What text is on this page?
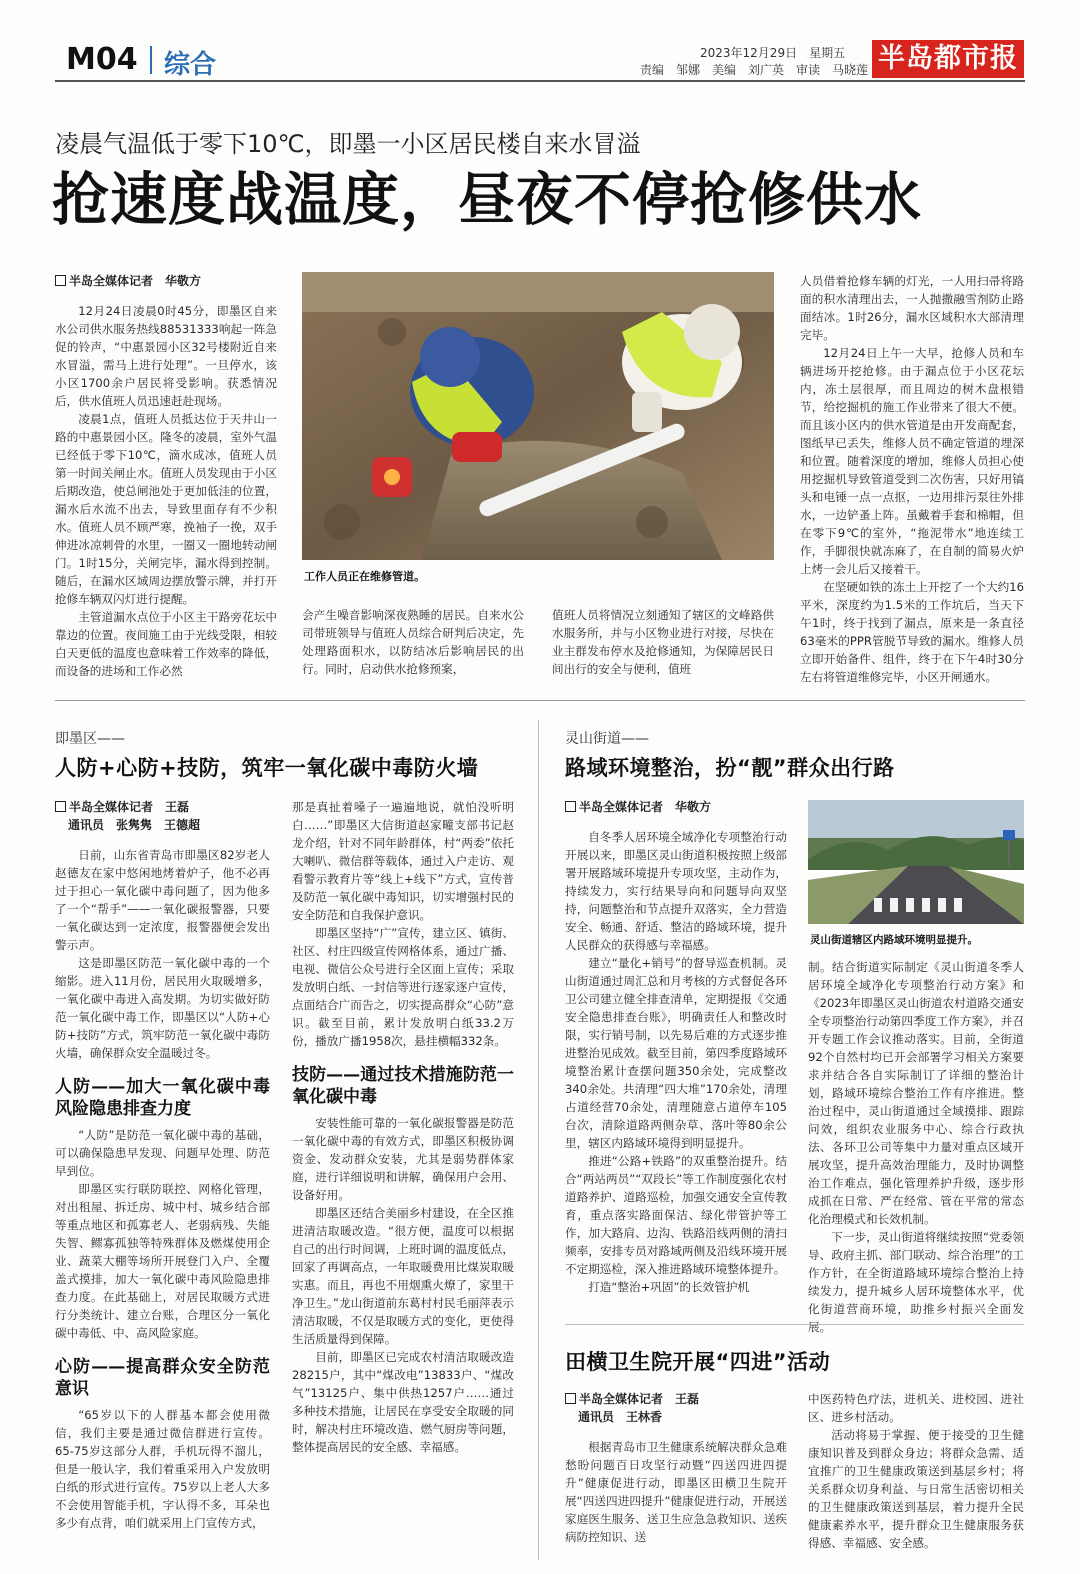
M04 综合	2023年12月29日　星期五
责编　邹娜　美编　刘广英　审读　马晓莲 半岛都市报
凌晨气温低于零下10℃，即墨一小区居民楼自来水冒溢
抢速度战温度，昼夜不停抢修供水
半岛全媒体记者　华敬方

12月24日凌晨0时45分，即墨区自来水公司供水服务热线88531333响起一阵急促的铃声，“中惠景园小区32号楼附近自来水冒溢，需马上进行处理”。一旦停水，该小区1700余户居民将受影响。获悉情况后，供水值班人员迅速赶赴现场。

凌晨1点，值班人员抵达位于天井山一路的中惠景园小区。隆冬的凌晨，室外气温已经低于零下10℃，滴水成冰，值班人员第一时间关闸止水。值班人员发现由于小区后期改造，使总闸池处于更加低洼的位置，漏水后水流不出去，导致里面存有不少积水。值班人员不顾严寒，挽袖子一挽，双手伸进冰凉刺骨的水里，一圈又一圈地转动闸门。1时15分，关闸完毕，漏水得到控制。随后，在漏水区域周边摆放警示牌，并打开抢修车辆双闪灯进行提醒。

主管道漏水点位于小区主干路旁花坛中靠边的位置。夜间施工由于光线受限，相较白天更低的温度也意味着工作效率的降低，而设备的进场和工作必然

工作人员正在维修管道。

会产生噪音影响深夜熟睡的居民。自来水公司带班领导与值班人员综合研判后决定，先处理路面积水，以防结冰后影响居民的出行。同时，启动供水抢修预案，

值班人员将情况立刻通知了辖区的文峰路供水服务所，并与小区物业进行对接，尽快在业主群发布停水及抢修通知，为保障居民日间出行的安全与便利，值班

人员借着抢修车辆的灯光，一人用扫帚将路面的积水清理出去，一人抛撒融雪剂防止路面结冰。1时26分，漏水区域积水大部清理完毕。

12月24日上午一大早，抢修人员和车辆进场开挖抢修。由于漏点位于小区花坛内，冻土层很厚，而且周边的树木盘根错节，给挖掘机的施工作业带来了很大不便。而且该小区内的供水管道是由开发商配套，图纸早已丢失，维修人员不确定管道的埋深和位置。随着深度的增加，维修人员担心使用挖掘机导致管道受到二次伤害，只好用镐头和电锤一点一点抠，一边用排污泵往外排水，一边铲蚤上阵。虽戴着手套和棉帽，但在零下9℃的室外，“拖泥带水”地连续工作，手脚很快就冻麻了，在自制的简易火炉上烤一会儿后又接着干。

在坚硬如铁的冻土上开挖了一个大约16平米，深度约为1.5米的工作坑后，当天下午1时，终于找到了漏点，原来是一条直径63毫米的PPR管脱节导致的漏水。维修人员立即开始备件、组件，终于在下午4时30分左右将管道维修完毕，小区开闸通水。

即墨区——
人防+心防+技防，筑牢一氧化碳中毒防火墙
半岛全媒体记者　王磊
通讯员　张隽隽　王德超

日前，山东省青岛市即墨区82岁老人赵德友在家中悠闲地烤着炉子，他不必再过于担心一氧化碳中毒问题了，因为他多了一个“帮手”——一氧化碳报警器，只要一氧化碳达到一定浓度，报警器便会发出警示声。

这是即墨区防范一氧化碳中毒的一个缩影。进入11月份，居民用火取暖增多，一氧化碳中毒进入高发期。为切实做好防范一氧化碳中毒工作，即墨区以“人防+心防+技防”方式，筑牢防范一氧化碳中毒防火墙，确保群众安全温暖过冬。

人防——加大一氧化碳中毒风险隐患排查力度

“人防”是防范一氧化碳中毒的基础，可以确保隐患早发现、问题早处理、防范早到位。

即墨区实行联防联控、网格化管理，对出租屋、拆迁房、城中村、城乡结合部等重点地区和孤寡老人、老弱病残、失能失智、鳏寡孤独等特殊群体及燃煤使用企业、蔬菜大棚等场所开展登门入户、全覆盖式摸排，加大一氧化碳中毒风险隐患排查力度。在此基础上，对居民取暖方式进行分类统计、建立台账，合理区分一氧化碳中毒低、中、高风险家庭。

心防——提高群众安全防范意识

“65岁以下的人群基本都会使用微信，我们主要是通过微信群进行宣传。65-75岁这部分人群，手机玩得不溜儿，但是一般认字，我们着重采用入户发放明白纸的形式进行宣传。75岁以上老人大多不会使用智能手机，字认得不多，耳朵也多少有点背，咱们就采用上门宣传方式，

那是真扯着嗓子一遍遍地说，就怕没听明白……”即墨区大信街道赵家疃支部书记赵龙介绍，针对不同年龄群体，村“两委”依托大喇叭、微信群等载体，通过入户走访、观看警示教育片等“线上+线下”方式，宣传普及防范一氧化碳中毒知识，切实增强村民的安全防范和自我保护意识。

即墨区坚持“广”宣传，建立区、镇街、社区、村庄四级宣传网格体系，通过广播、电视、微信公众号进行全区面上宣传；采取发放明白纸、一封信等进行逐家逐户宣传，点面结合广而告之，切实提高群众“心防”意识。截至目前，累计发放明白纸33.2万份，播放广播1958次，悬挂横幅332条。

技防——通过技术措施防范一氧化碳中毒

安装性能可靠的一氧化碳报警器是防范一氧化碳中毒的有效方式，即墨区积极协调资金、发动群众安装，尤其是弱势群体家庭，进行详细说明和讲解，确保用户会用、设备好用。

即墨区还结合美丽乡村建设，在全区推进清洁取暖改造。“很方便，温度可以根据自己的出行时间调，上班时调的温度低点，回家了再调高点，一年取暖费用比煤炭取暖实惠。而且，再也不用烟熏火燎了，家里干净卫生。”龙山街道前东葛村村民毛丽萍表示清洁取暖，不仅是取暖方式的变化，更使得生活质量得到保障。

目前，即墨区已完成农村清洁取暖改造28215户，其中“煤改电”13833户、“煤改气”13125户、集中供热1257户……通过多种技术措施，让居民在享受安全取暖的同时，解决村庄环境改造、燃气厨房等问题，整体提高居民的安全感、幸福感。

灵山街道——
路域环境整治，扮“靓”群众出行路
半岛全媒体记者　华敬方

自冬季人居环境全域净化专项整治行动开展以来，即墨区灵山街道积极按照上级部署开展路域环境提升专项攻坚，主动作为，持续发力，实行结果导向和问题导向双坚持，问题整治和节点提升双落实，全力营造安全、畅通、舒适、整洁的路域环境，提升人民群众的获得感与幸福感。

建立“量化+销号”的督导巡查机制。灵山街道通过周汇总和月考核的方式督促各环卫公司建立健全排查清单，定期提报《交通安全隐患排查台账》，明确责任人和整改时限，实行销号制，以先易后难的方式逐步推进整治见成效。截至目前，第四季度路域环境整治累计查摆问题350余处，完成整改340余处。共清理“四大堆”170余处，清理占道经营70余处，清理随意占道停车105台次，清除道路两侧杂草、落叶等80余公里，辖区内路域环境得到明显提升。

推进“公路+铁路”的双重整治提升。结合“两站两员”“双段长”等工作制度强化农村道路养护、道路巡检，加强交通安全宣传教育，重点落实路面保洁、绿化带管护等工作，加大路肩、边沟、铁路沿线两侧的清扫频率，安排专员对路域两侧及沿线环境开展不定期巡检，深入推进路域环境整体提升。

打造“整治+巩固”的长效管护机

灵山街道辖区内路域环境明显提升。

制。结合街道实际制定《灵山街道冬季人居环境全域净化专项整治行动方案》和《2023年即墨区灵山街道农村道路交通安全专项整治行动第四季度工作方案》，并召开专题工作会议推动落实。目前，全街道92个自然村均已开会部署学习相关方案要求并结合各自实际制订了详细的整治计划，路域环境综合整治工作有序推进。整治过程中，灵山街道通过全域摸排、跟踪问效，组织农业服务中心、综合行政执法、各环卫公司等集中力量对重点区域开展攻坚，提升高效治理能力，及时协调整治工作难点，强化管理养护升级，逐步形成抓在日常、严在经常、管在平常的常态化治理模式和长效机制。

下一步，灵山街道将继续按照“党委领导、政府主抓、部门联动、综合治理”的工作方针，在全街道路域环境综合整治上持续发力，提升城乡人居环境整体水平，优化街道营商环境，助推乡村振兴全面发展。

田横卫生院开展“四进”活动
半岛全媒体记者　王磊
通讯员　王林香

根据青岛市卫生健康系统解决群众急难愁盼问题百日攻坚行动暨“四送四进四提升”健康促进行动，即墨区田横卫生院开展“四送四进四提升”健康促进行动，开展送家庭医生服务、送卫生应急急救知识、送疾病防控知识、送

中医药特色疗法，进机关、进校园、进社区、进乡村活动。

活动将易于掌握、便于接受的卫生健康知识普及到群众身边；将群众急需、适宜推广的卫生健康政策送到基层乡村；将关系群众切身利益、与日常生活密切相关的卫生健康政策送到基层，着力提升全民健康素养水平，提升群众卫生健康服务获得感、幸福感、安全感。
